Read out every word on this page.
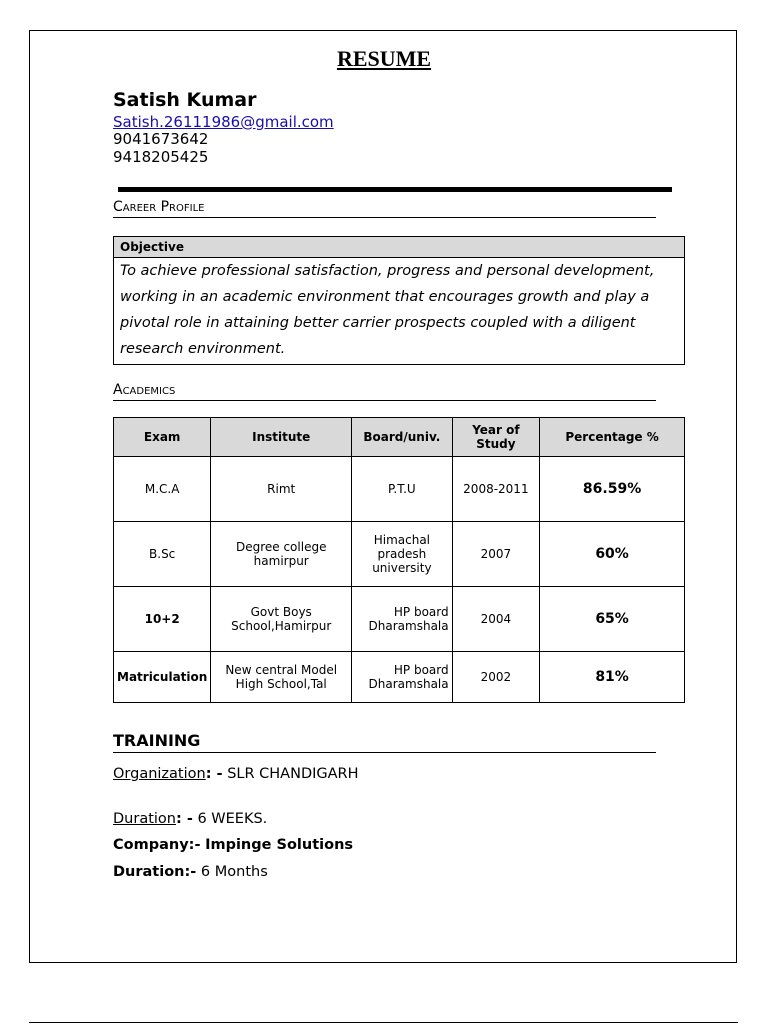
RESUME
Satish Kumar
Satish.26111986@gmail.com
9041673642
9418205425
Career Profile
Objective
To achieve professional satisfaction, progress and personal development, working in an academic environment that encourages growth and play a pivotal role in attaining better carrier prospects coupled with a diligent research environment.
Academics
Exam	Institute	Board/univ.	Year of Study	Percentage %
M.C.A	Rimt	P.T.U	2008-2011	86.59%
B.Sc	Degree college hamirpur	Himachal pradesh university	2007	60%
10+2	Govt Boys School,Hamirpur	HP board Dharamshala	2004	65%
Matriculation	New central Model High School,Tal	HP board Dharamshala	2002	81%
TRAINING
Organization: - SLR CHANDIGARH
Duration: - 6 WEEKS.
Company:- Impinge Solutions
Duration:- 6 Months
